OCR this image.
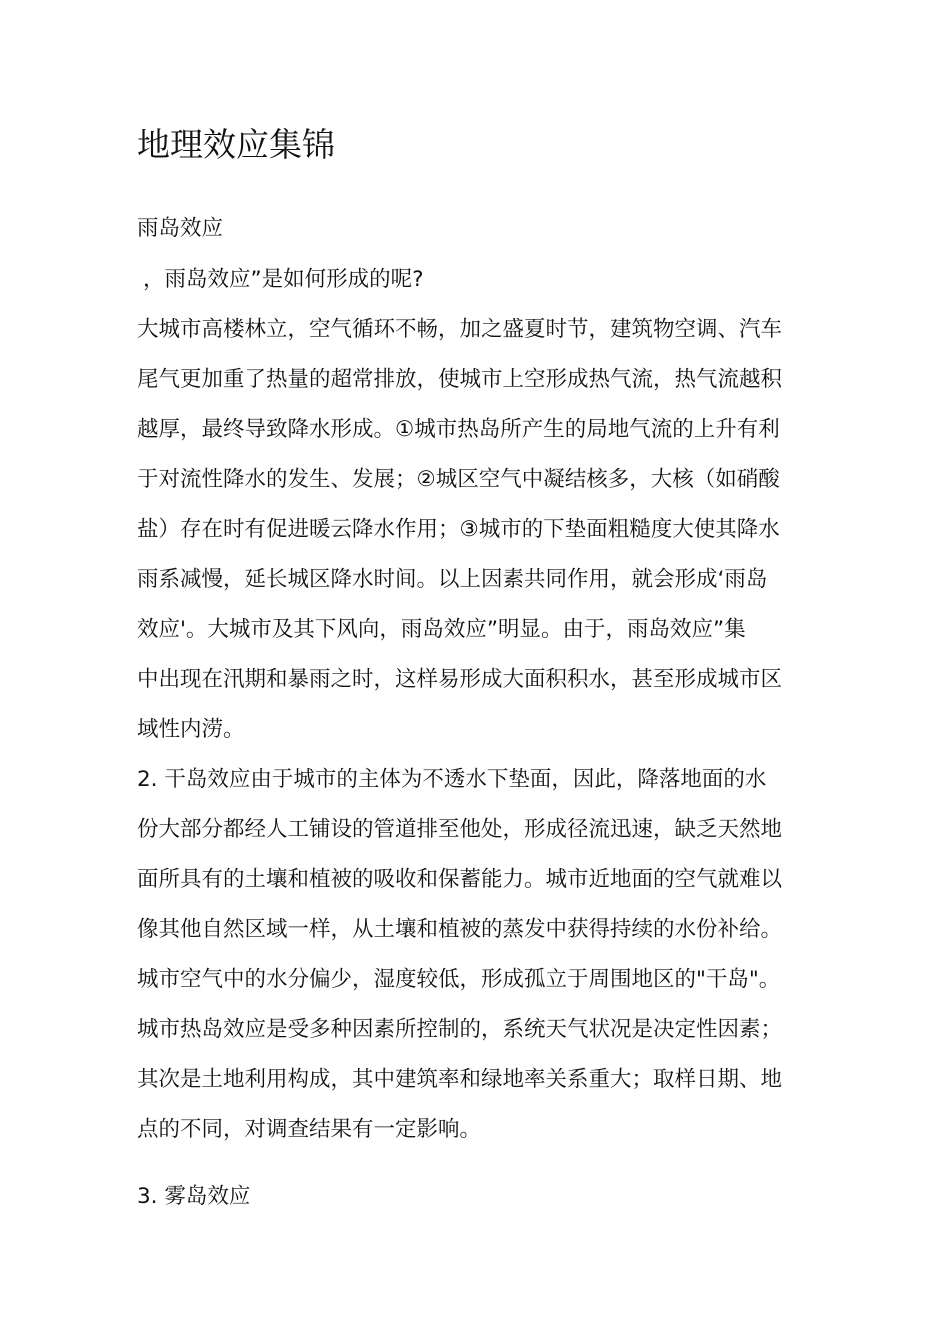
地理效应集锦
雨岛效应
，雨岛效应”是如何形成的呢?
大城市高楼林立，空气循环不畅，加之盛夏时节，建筑物空调、汽车
尾气更加重了热量的超常排放，使城市上空形成热气流，热气流越积
越厚，最终导致降水形成。①城市热岛所产生的局地气流的上升有利
于对流性降水的发生、发展；②城区空气中凝结核多，大核（如硝酸
盐）存在时有促进暖云降水作用；③城市的下垫面粗糙度大使其降水
雨系减慢，延长城区降水时间。以上因素共同作用，就会形成‘雨岛
效应'。大城市及其下风向，雨岛效应”明显。由于，雨岛效应”集
中出现在汛期和暴雨之时，这样易形成大面积积水，甚至形成城市区
域性内涝。
2. 干岛效应由于城市的主体为不透水下垫面，因此，降落地面的水
份大部分都经人工铺设的管道排至他处，形成径流迅速，缺乏天然地
面所具有的土壤和植被的吸收和保蓄能力。城市近地面的空气就难以
像其他自然区域一样，从土壤和植被的蒸发中获得持续的水份补给。
城市空气中的水分偏少，湿度较低，形成孤立于周围地区的"干岛"。
城市热岛效应是受多种因素所控制的，系统天气状况是决定性因素；
其次是土地利用构成，其中建筑率和绿地率关系重大；取样日期、地
点的不同，对调查结果有一定影响。
3. 雾岛效应
